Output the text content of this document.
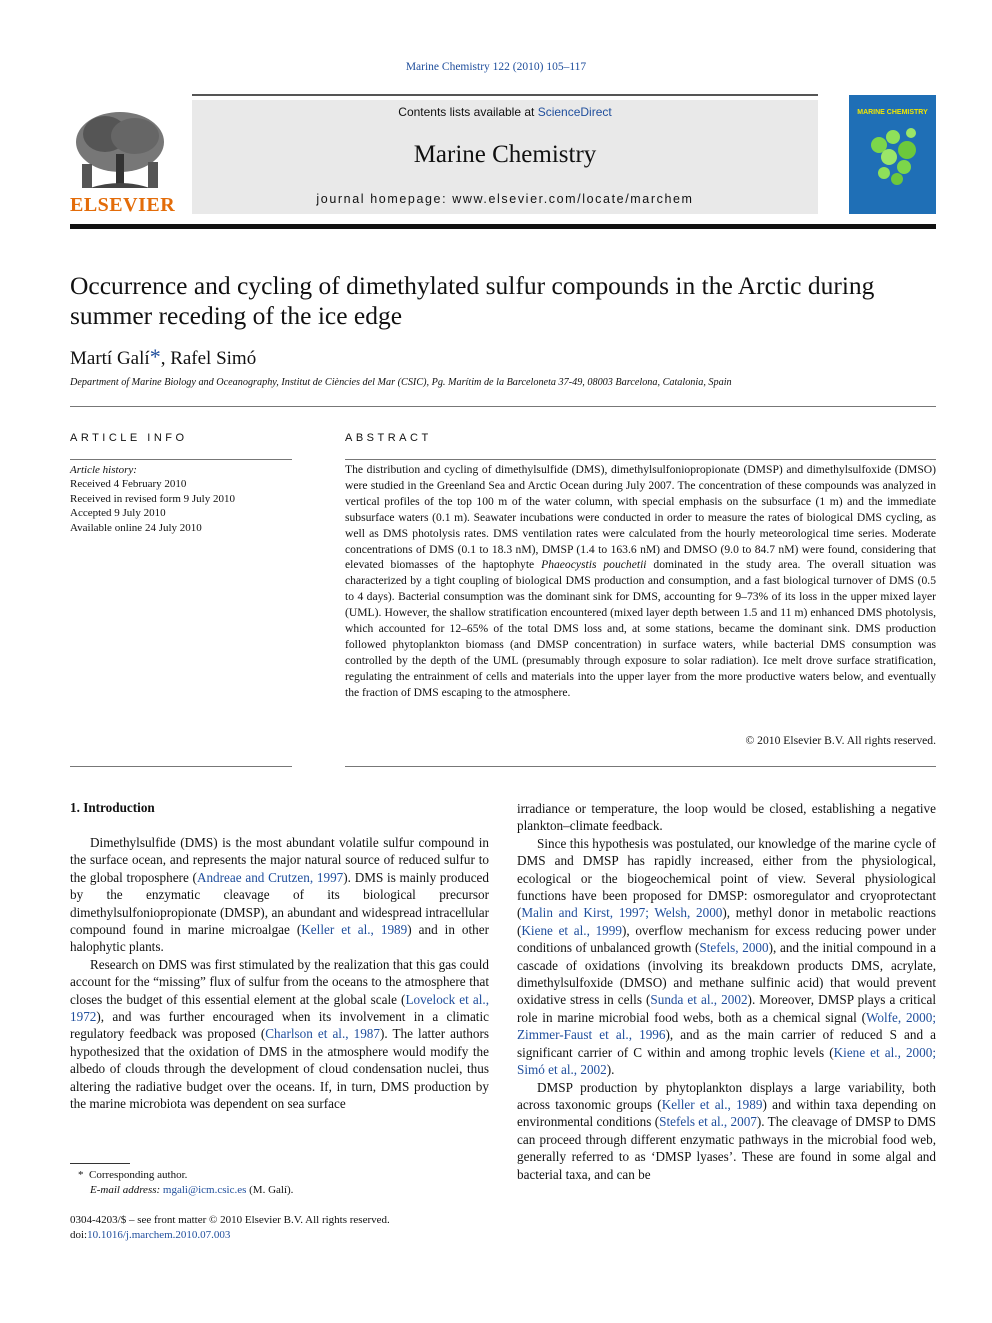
Marine Chemistry 122 (2010) 105–117
ELSEVIER
Contents lists available at ScienceDirect
Marine Chemistry
journal homepage: www.elsevier.com/locate/marchem
MARINE CHEMISTRY
Occurrence and cycling of dimethylated sulfur compounds in the Arctic during summer receding of the ice edge
Martí Galí*, Rafel Simó
Department of Marine Biology and Oceanography, Institut de Ciències del Mar (CSIC), Pg. Marítim de la Barceloneta 37-49, 08003 Barcelona, Catalonia, Spain
ARTICLE INFO
Article history:
Received 4 February 2010
Received in revised form 9 July 2010
Accepted 9 July 2010
Available online 24 July 2010
ABSTRACT
The distribution and cycling of dimethylsulfide (DMS), dimethylsulfoniopropionate (DMSP) and dimethylsulfoxide (DMSO) were studied in the Greenland Sea and Arctic Ocean during July 2007. The concentration of these compounds was analyzed in vertical profiles of the top 100 m of the water column, with special emphasis on the subsurface (1 m) and the immediate subsurface waters (0.1 m). Seawater incubations were conducted in order to measure the rates of biological DMS cycling, as well as DMS photolysis rates. DMS ventilation rates were calculated from the hourly meteorological time series. Moderate concentrations of DMS (0.1 to 18.3 nM), DMSP (1.4 to 163.6 nM) and DMSO (9.0 to 84.7 nM) were found, considering that elevated biomasses of the haptophyte Phaeocystis pouchetii dominated in the study area. The overall situation was characterized by a tight coupling of biological DMS production and consumption, and a fast biological turnover of DMS (0.5 to 4 days). Bacterial consumption was the dominant sink for DMS, accounting for 9–73% of its loss in the upper mixed layer (UML). However, the shallow stratification encountered (mixed layer depth between 1.5 and 11 m) enhanced DMS photolysis, which accounted for 12–65% of the total DMS loss and, at some stations, became the dominant sink. DMS production followed phytoplankton biomass (and DMSP concentration) in surface waters, while bacterial DMS consumption was controlled by the depth of the UML (presumably through exposure to solar radiation). Ice melt drove surface stratification, regulating the entrainment of cells and materials into the upper layer from the more productive waters below, and eventually the fraction of DMS escaping to the atmosphere.
© 2010 Elsevier B.V. All rights reserved.
1. Introduction

Dimethylsulfide (DMS) is the most abundant volatile sulfur compound in the surface ocean, and represents the major natural source of reduced sulfur to the global troposphere (Andreae and Crutzen, 1997). DMS is mainly produced by the enzymatic cleavage of its biological precursor dimethylsulfoniopropionate (DMSP), an abundant and widespread intracellular compound found in marine microalgae (Keller et al., 1989) and in other halophytic plants.

Research on DMS was first stimulated by the realization that this gas could account for the “missing” flux of sulfur from the oceans to the atmosphere that closes the budget of this essential element at the global scale (Lovelock et al., 1972), and was further encouraged when its involvement in a climatic regulatory feedback was proposed (Charlson et al., 1987). The latter authors hypothesized that the oxidation of DMS in the atmosphere would modify the albedo of clouds through the development of cloud condensation nuclei, thus altering the radiative budget over the oceans. If, in turn, DMS production by the marine microbiota was dependent on sea surface

irradiance or temperature, the loop would be closed, establishing a negative plankton–climate feedback.

Since this hypothesis was postulated, our knowledge of the marine cycle of DMS and DMSP has rapidly increased, either from the physiological, ecological or the biogeochemical point of view. Several physiological functions have been proposed for DMSP: osmoregulator and cryoprotectant (Malin and Kirst, 1997; Welsh, 2000), methyl donor in metabolic reactions (Kiene et al., 1999), overflow mechanism for excess reducing power under conditions of unbalanced growth (Stefels, 2000), and the initial compound in a cascade of oxidations (involving its breakdown products DMS, acrylate, dimethylsulfoxide (DMSO) and methane sulfinic acid) that would prevent oxidative stress in cells (Sunda et al., 2002). Moreover, DMSP plays a critical role in marine microbial food webs, both as a chemical signal (Wolfe, 2000; Zimmer-Faust et al., 1996), and as the main carrier of reduced S and a significant carrier of C within and among trophic levels (Kiene et al., 2000; Simó et al., 2002).

DMSP production by phytoplankton displays a large variability, both across taxonomic groups (Keller et al., 1989) and within taxa depending on environmental conditions (Stefels et al., 2007). The cleavage of DMSP to DMS can proceed through different enzymatic pathways in the microbial food web, generally referred to as ‘DMSP lyases’. These are found in some algal and bacterial taxa, and can be

* Corresponding author.
E-mail address: mgali@icm.csic.es (M. Galí).
0304-4203/$ – see front matter © 2010 Elsevier B.V. All rights reserved.
doi:10.1016/j.marchem.2010.07.003
